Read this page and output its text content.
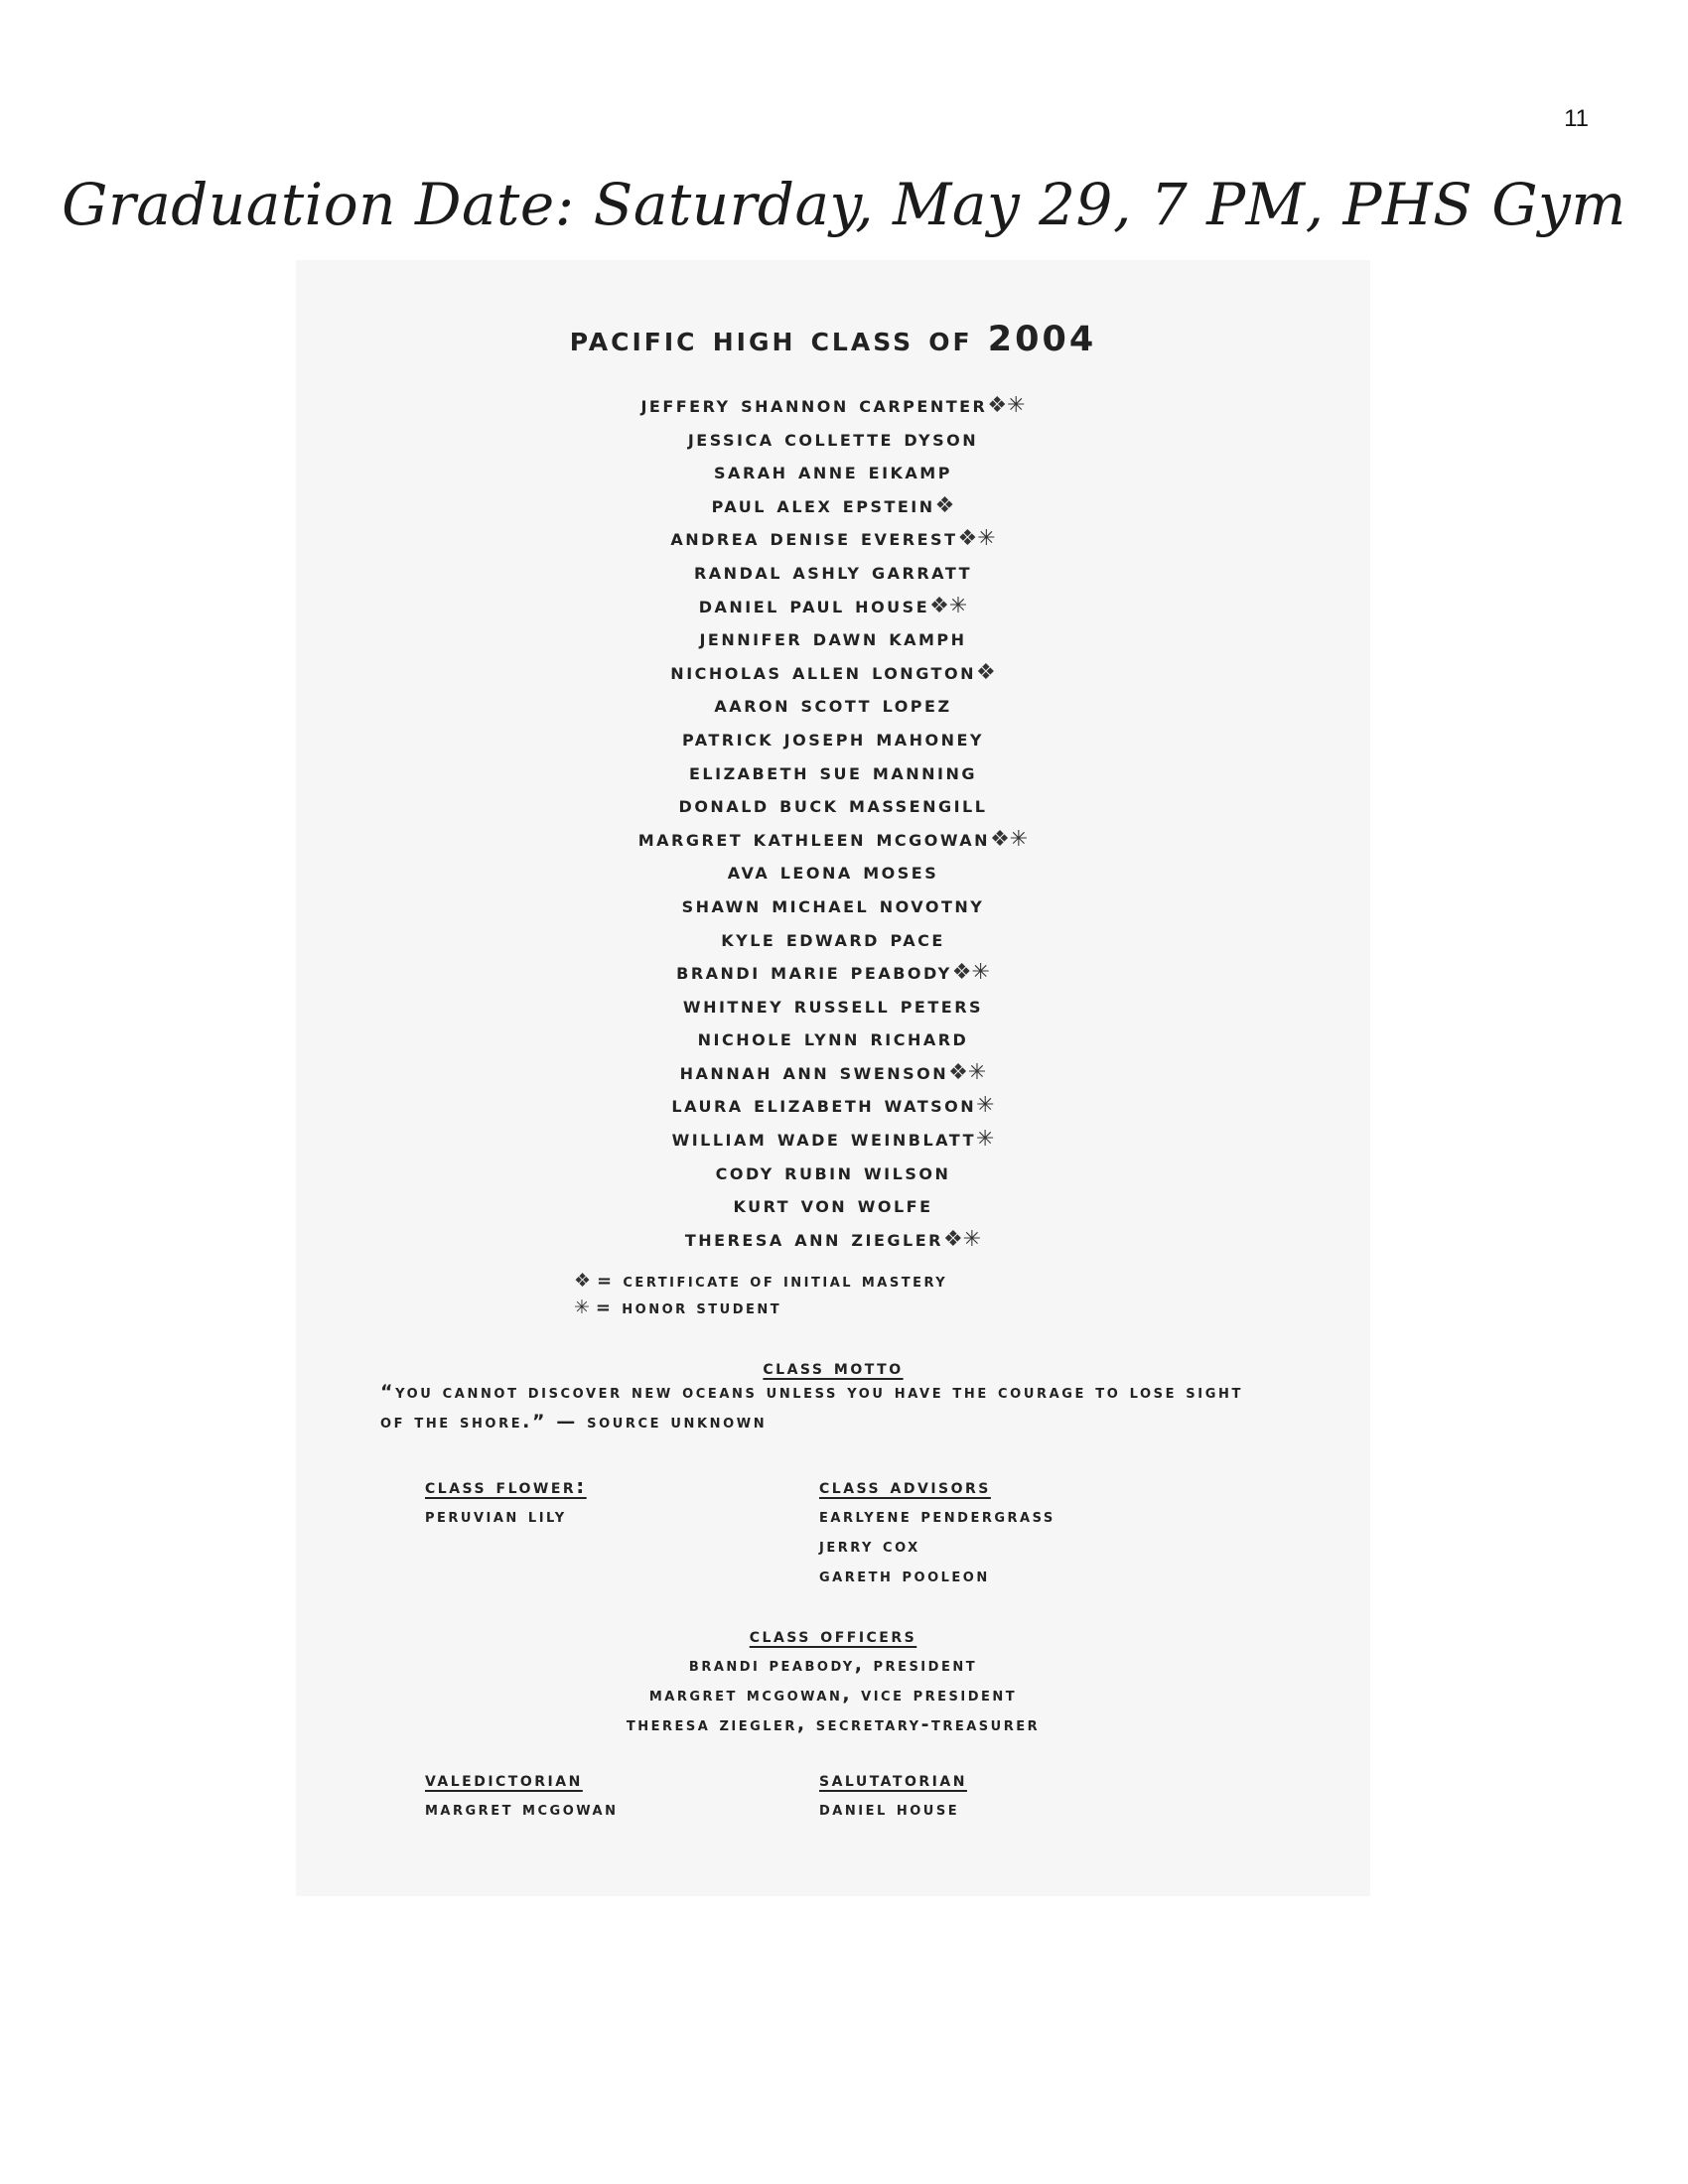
11
Graduation Date: Saturday, May 29, 7 PM, PHS Gym
pacific high class of 2004
jeffery shannon carpenter❖✳
jessica collette dyson
sarah anne eikamp
paul alex epstein❖
andrea denise everest❖✳
randal ashly garratt
daniel paul house❖✳
jennifer dawn kamph
nicholas allen longton❖
aaron scott lopez
patrick joseph mahoney
elizabeth sue manning
donald buck massengill
margret kathleen mcgowan❖✳
ava leona moses
shawn michael novotny
kyle edward pace
brandi marie peabody❖✳
whitney russell peters
nichole lynn richard
hannah ann swenson❖✳
laura elizabeth watson✳
william wade weinblatt✳
cody rubin wilson
kurt von wolfe
theresa ann ziegler❖✳
❖ = certificate of initial mastery
✳ = honor student
class motto
“you cannot discover new oceans unless you have the courage to lose sight of the shore.” — source unknown
class flower:
peruvian lily
class advisors
earlyene pendergrass
jerry cox
gareth pooleon
class officers
brandi peabody, president
margret mcgowan, vice president
theresa ziegler, secretary-treasurer
valedictorian
margret mcgowan
salutatorian
daniel house
